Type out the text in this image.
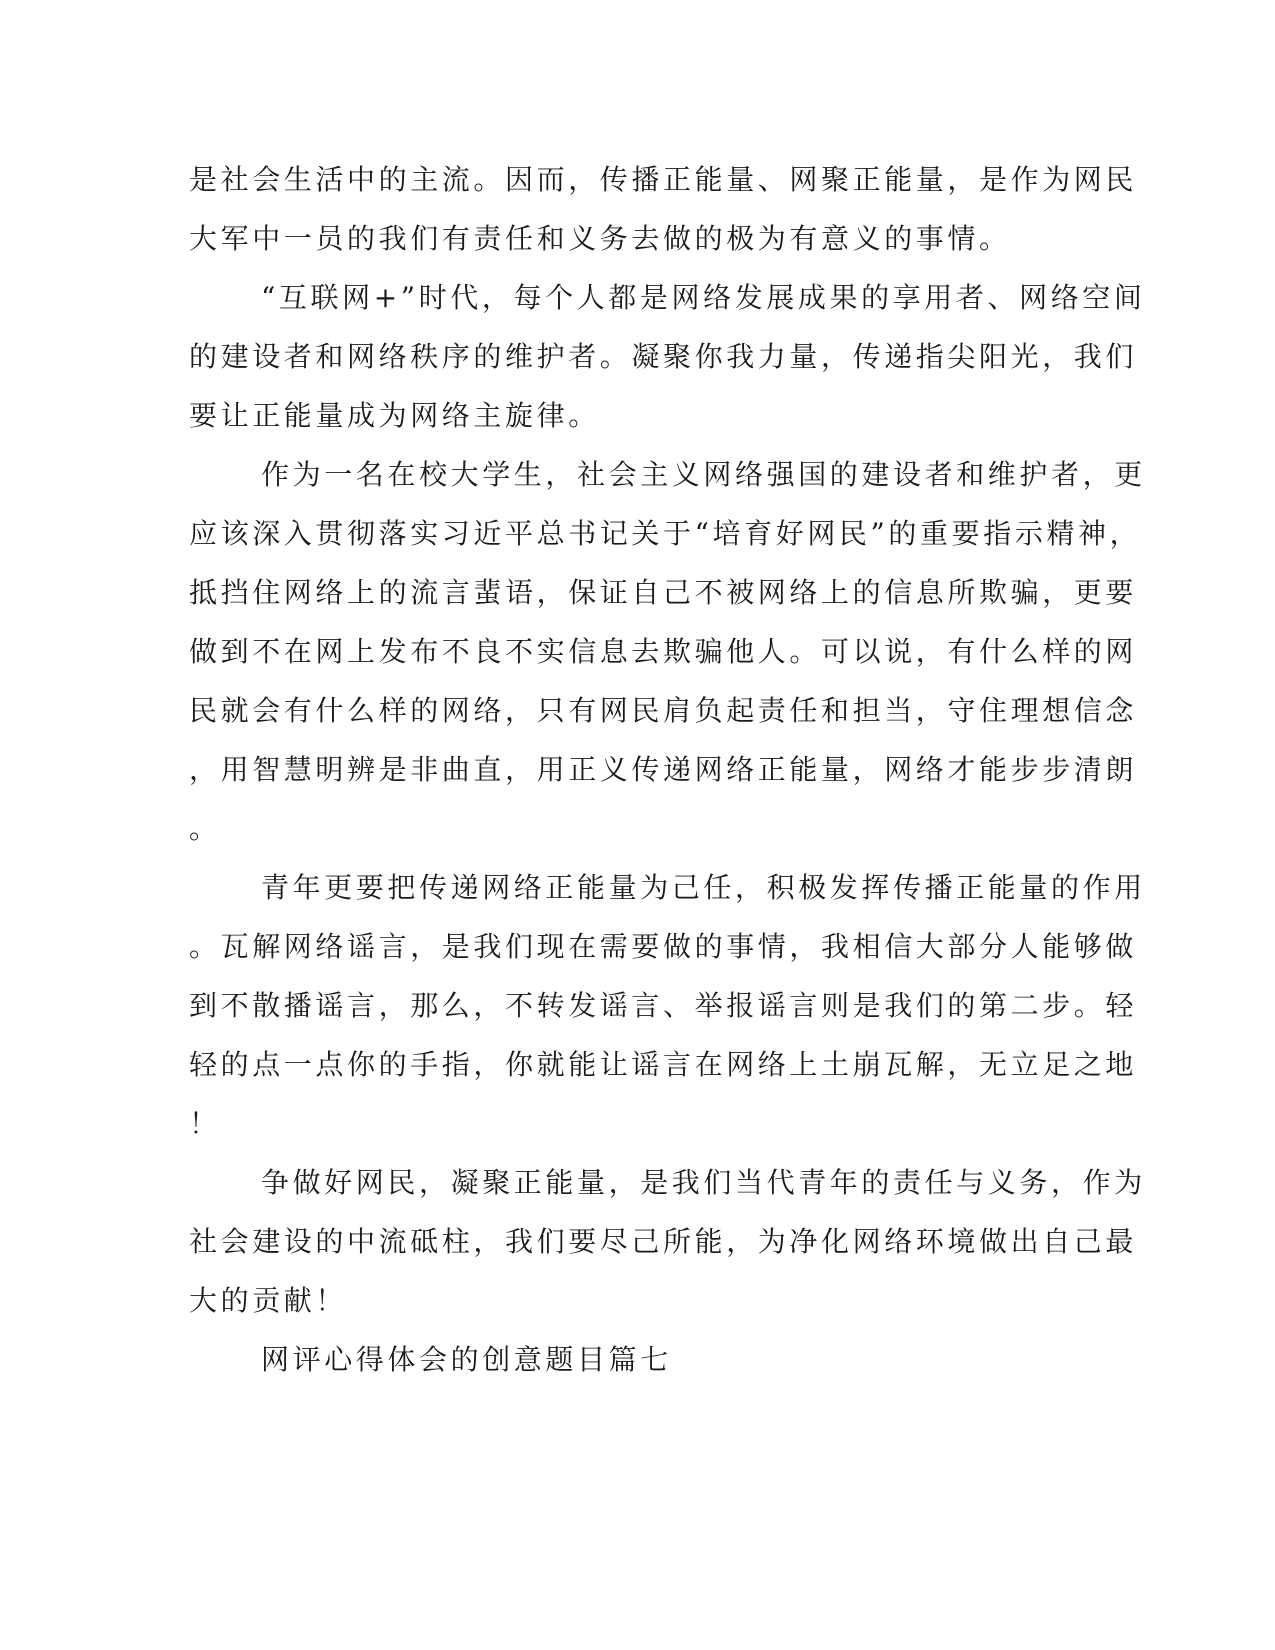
是社会生活中的主流。因而，传播正能量、网聚正能量，是作为网民

大军中一员的我们有责任和义务去做的极为有意义的事情。

“互联网+”时代，每个人都是网络发展成果的享用者、网络空间

的建设者和网络秩序的维护者。凝聚你我力量，传递指尖阳光，我们

要让正能量成为网络主旋律。

作为一名在校大学生，社会主义网络强国的建设者和维护者，更

应该深入贯彻落实习近平总书记关于“培育好网民”的重要指示精神，

抵挡住网络上的流言蜚语，保证自己不被网络上的信息所欺骗，更要

做到不在网上发布不良不实信息去欺骗他人。可以说，有什么样的网

民就会有什么样的网络，只有网民肩负起责任和担当，守住理想信念

，用智慧明辨是非曲直，用正义传递网络正能量，网络才能步步清朗

。

青年更要把传递网络正能量为己任，积极发挥传播正能量的作用

。瓦解网络谣言，是我们现在需要做的事情，我相信大部分人能够做

到不散播谣言，那么，不转发谣言、举报谣言则是我们的第二步。轻

轻的点一点你的手指，你就能让谣言在网络上土崩瓦解，无立足之地

！

争做好网民，凝聚正能量，是我们当代青年的责任与义务，作为

社会建设的中流砥柱，我们要尽己所能，为净化网络环境做出自己最

大的贡献！

网评心得体会的创意题目篇七
